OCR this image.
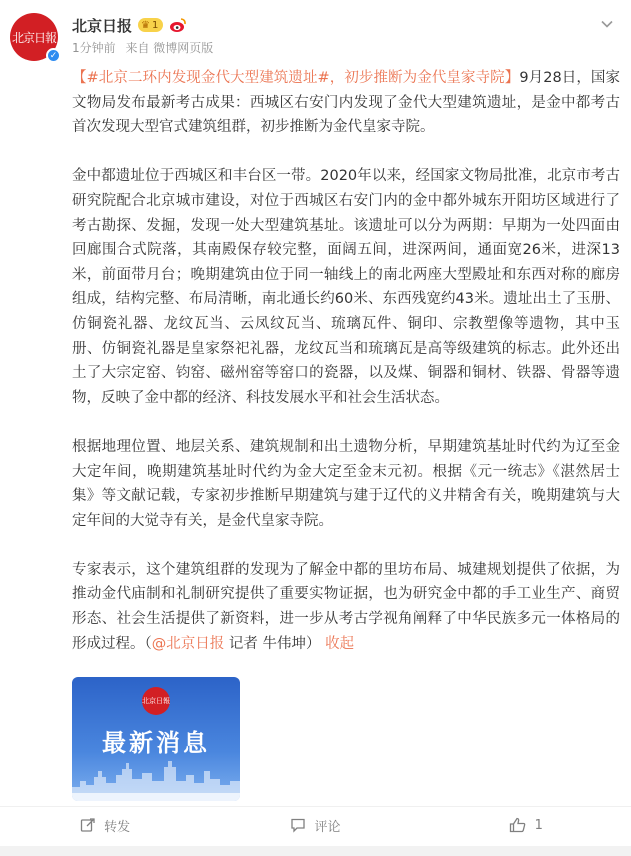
北京日報
✓
北京日报 ♛ 1
1分钟前 来自 微博网页版

【#北京二环内发现金代大型建筑遗址#，初步推断为金代皇家寺院】9月28日，国家文物局发布最新考古成果：西城区右安门内发现了金代大型建筑遗址，是金中都考古首次发现大型官式建筑组群，初步推断为金代皇家寺院。

金中都遗址位于西城区和丰台区一带。2020年以来，经国家文物局批准，北京市考古研究院配合北京城市建设，对位于西城区右安门内的金中都外城东开阳坊区域进行了考古勘探、发掘，发现一处大型建筑基址。该遗址可以分为两期：早期为一处四面由回廊围合式院落，其南殿保存较完整，面阔五间，进深两间，通面宽26米，进深13米，前面带月台；晚期建筑由位于同一轴线上的南北两座大型殿址和东西对称的廊房组成，结构完整、布局清晰，南北通长约60米、东西残宽约43米。遗址出土了玉册、仿铜瓷礼器、龙纹瓦当、云凤纹瓦当、琉璃瓦件、铜印、宗教塑像等遗物，其中玉册、仿铜瓷礼器是皇家祭祀礼器，龙纹瓦当和琉璃瓦是高等级建筑的标志。此外还出土了大宗定窑、钧窑、磁州窑等窑口的瓷器，以及煤、铜器和铜材、铁器、骨器等遗物，反映了金中都的经济、科技发展水平和社会生活状态。

根据地理位置、地层关系、建筑规制和出土遗物分析，早期建筑基址时代约为辽至金大定年间，晚期建筑基址时代约为金大定至金末元初。根据《元一统志》《湛然居士集》等文献记载，专家初步推断早期建筑与建于辽代的义井精舍有关，晚期建筑与大定年间的大觉寺有关，是金代皇家寺院。

专家表示，这个建筑组群的发现为了解金中都的里坊布局、城建规划提供了依据，为推动金代庙制和礼制研究提供了重要实物证据，也为研究金中都的手工业生产、商贸形态、社会生活提供了新资料，进一步从考古学视角阐释了中华民族多元一体格局的形成过程。（@北京日报 记者 牛伟坤） 收起

北京日報
最新消息
转发	评论	1
